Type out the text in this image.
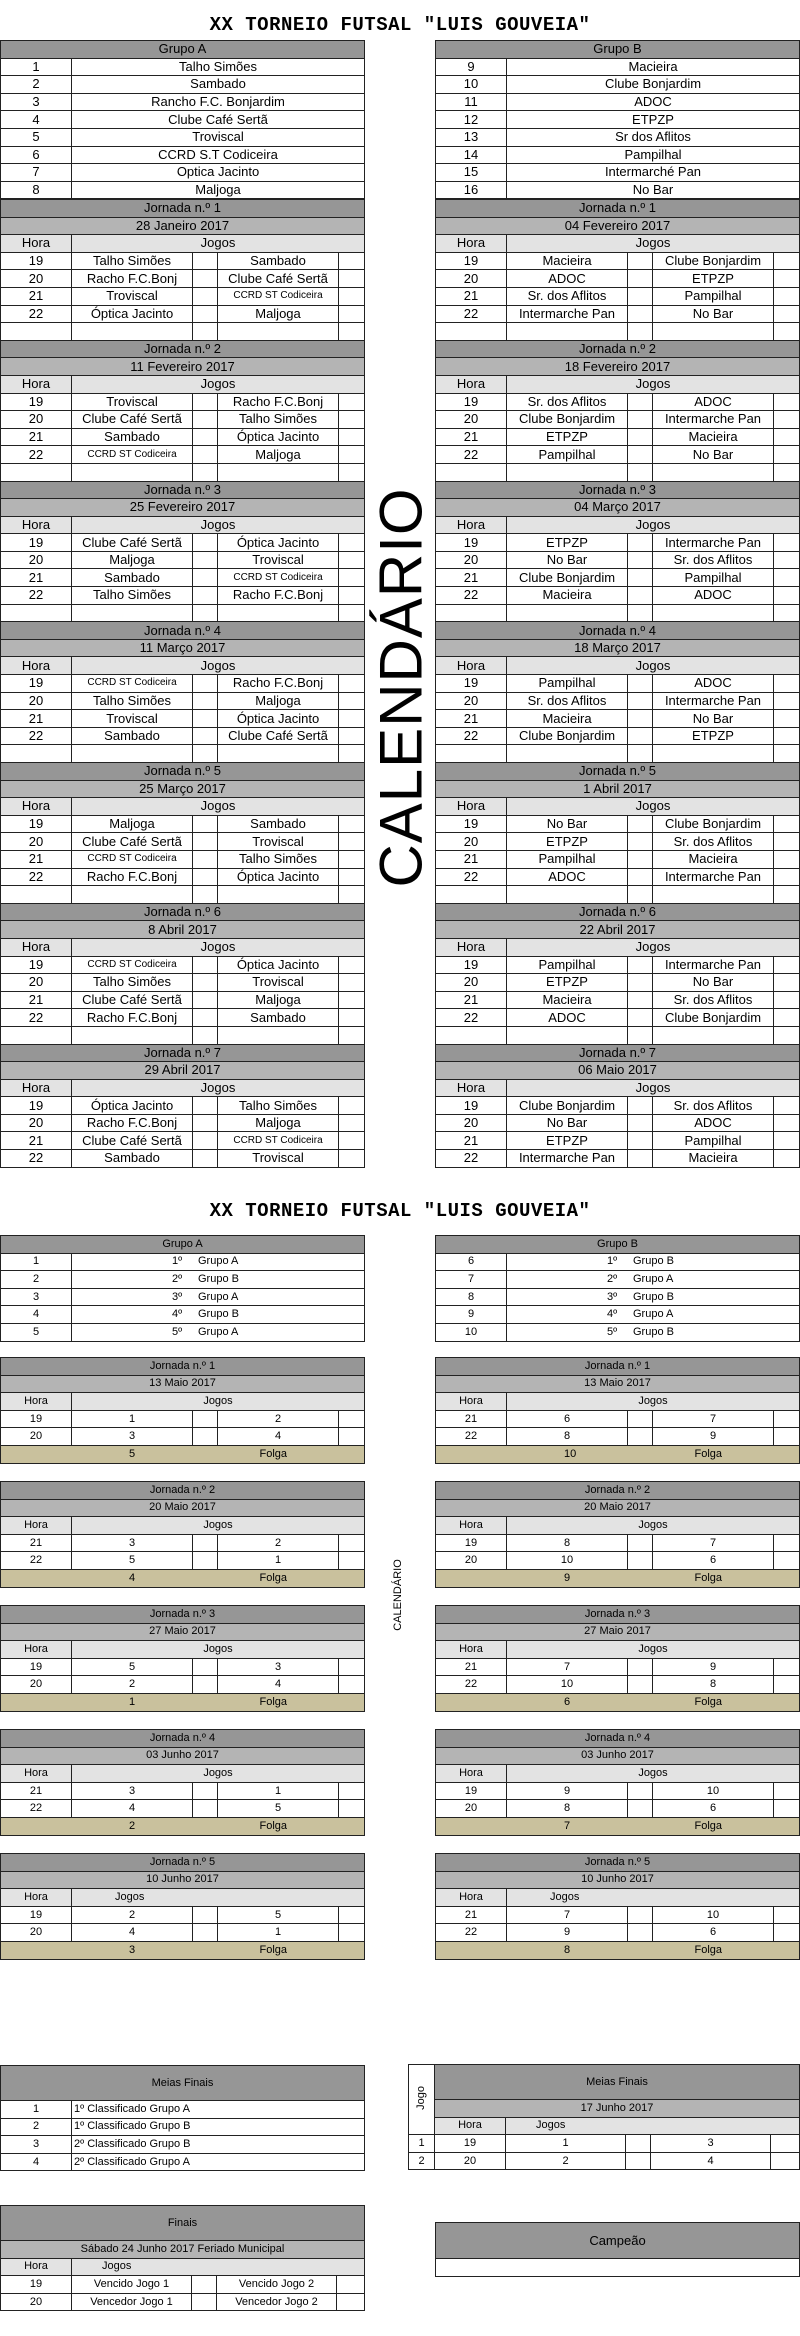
XX TORNEIO FUTSAL "LUIS GOUVEIA"
Grupo A	
1	Talho Simões
2	Sambado
3	Rancho F.C. Bonjardim
4	Clube Café Sertã
5	Troviscal
6	CCRD S.T Codiceira
7	Optica Jacinto
8	Maljoga
Grupo B	
9	Macieira
10	Clube Bonjardim
11	ADOC
12	ETPZP
13	Sr dos Aflitos
14	Pampilhal
15	Intermarché Pan
16	No Bar
Jornada n.º 1				
28 Janeiro 2017				
Hora	Jogos			
19	Talho Simões		Sambado	
20	Racho F.C.Bonj		Clube Café Sertã	
21	Troviscal		CCRD ST Codiceira	
22	Óptica Jacinto		Maljoga	

Jornada n.º 2				
11 Fevereiro 2017				
Hora	Jogos			
19	Troviscal		Racho F.C.Bonj	
20	Clube Café Sertã		Talho Simões	
21	Sambado		Óptica Jacinto	
22	CCRD ST Codiceira		Maljoga	

Jornada n.º 3				
25 Fevereiro 2017				
Hora	Jogos			
19	Clube Café Sertã		Óptica Jacinto	
20	Maljoga		Troviscal	
21	Sambado		CCRD ST Codiceira	
22	Talho Simões		Racho F.C.Bonj	

Jornada n.º 4				
11 Março 2017				
Hora	Jogos			
19	CCRD ST Codiceira		Racho F.C.Bonj	
20	Talho Simões		Maljoga	
21	Troviscal		Óptica Jacinto	
22	Sambado		Clube Café Sertã	

Jornada n.º 5				
25 Março 2017				
Hora	Jogos			
19	Maljoga		Sambado	
20	Clube Café Sertã		Troviscal	
21	CCRD ST Codiceira		Talho Simões	
22	Racho F.C.Bonj		Óptica Jacinto	

Jornada n.º 6				
8 Abril 2017				
Hora	Jogos			
19	CCRD ST Codiceira		Óptica Jacinto	
20	Talho Simões		Troviscal	
21	Clube Café Sertã		Maljoga	
22	Racho F.C.Bonj		Sambado	

Jornada n.º 7				
29 Abril 2017				
Hora	Jogos			
19	Óptica Jacinto		Talho Simões	
20	Racho F.C.Bonj		Maljoga	
21	Clube Café Sertã		CCRD ST Codiceira	
22	Sambado		Troviscal	
Jornada n.º 1				
04 Fevereiro 2017				
Hora	Jogos			
19	Macieira		Clube Bonjardim	
20	ADOC		ETPZP	
21	Sr. dos Aflitos		Pampilhal	
22	Intermarche Pan		No Bar	

Jornada n.º 2				
18 Fevereiro 2017				
Hora	Jogos			
19	Sr. dos Aflitos		ADOC	
20	Clube Bonjardim		Intermarche Pan	
21	ETPZP		Macieira	
22	Pampilhal		No Bar	

Jornada n.º 3				
04 Março 2017				
Hora	Jogos			
19	ETPZP		Intermarche Pan	
20	No Bar		Sr. dos Aflitos	
21	Clube Bonjardim		Pampilhal	
22	Macieira		ADOC	

Jornada n.º 4				
18 Março 2017				
Hora	Jogos			
19	Pampilhal		ADOC	
20	Sr. dos Aflitos		Intermarche Pan	
21	Macieira		No Bar	
22	Clube Bonjardim		ETPZP	

Jornada n.º 5				
1 Abril 2017				
Hora	Jogos			
19	No Bar		Clube Bonjardim	
20	ETPZP		Sr. dos Aflitos	
21	Pampilhal		Macieira	
22	ADOC		Intermarche Pan	

Jornada n.º 6				
22 Abril 2017				
Hora	Jogos			
19	Pampilhal		Intermarche Pan	
20	ETPZP		No Bar	
21	Macieira		Sr. dos Aflitos	
22	ADOC		Clube Bonjardim	

Jornada n.º 7				
06 Maio 2017				
Hora	Jogos			
19	Clube Bonjardim		Sr. dos Aflitos	
20	No Bar		ADOC	
21	ETPZP		Pampilhal	
22	Intermarche Pan		Macieira	
CALENDÁRIO
XX TORNEIO FUTSAL "LUIS GOUVEIA"
Grupo A	
1	1º Grupo A
2	2º Grupo B
3	3º Grupo A
4	4º Grupo B
5	5º Grupo A
Grupo B	
6	1º Grupo B
7	2º Grupo A
8	3º Grupo B
9	4º Grupo A
10	5º Grupo B
Jornada n.º 1				
13 Maio 2017				
Hora	Jogos			
19	1		2	
20	3		4	
5			Folga	
Jornada n.º 2				
20 Maio 2017				
Hora	Jogos			
21	3		2	
22	5		1	
4			Folga	
Jornada n.º 3				
27 Maio 2017				
Hora	Jogos			
19	5		3	
20	2		4	
1			Folga	
Jornada n.º 4				
03 Junho 2017				
Hora	Jogos			
21	3		1	
22	4		5	
2			Folga	
Jornada n.º 5				
10 Junho 2017				
Hora	Jogos			
19	2		5	
20	4		1	
3			Folga	
Jornada n.º 1				
13 Maio 2017				
Hora	Jogos			
21	6		7	
22	8		9	
10			Folga	
Jornada n.º 2				
20 Maio 2017				
Hora	Jogos			
19	8		7	
20	10		6	
9			Folga	
Jornada n.º 3				
27 Maio 2017				
Hora	Jogos			
21	7		9	
22	10		8	
6			Folga	
Jornada n.º 4				
03 Junho 2017				
Hora	Jogos			
19	9		10	
20	8		6	
7			Folga	
Jornada n.º 5				
10 Junho 2017				
Hora	Jogos			
21	7		10	
22	9		6	
8			Folga	
CALENDÁRIO
Meias Finais	
1	1º Classificado Grupo A
2	1º Classificado Grupo B
3	2º Classificado Grupo B
4	2º Classificado Grupo A
Jogo	Meias Finais				
	17 Junho 2017				
	Hora	Jogos			
1	19	1		3	
2	20	2		4	
Finais				
Sábado 24 Junho 2017 Feriado Municipal				
Hora	Jogos			
19	Vencido Jogo 1		Vencido Jogo 2	
20	Vencedor Jogo 1		Vencedor Jogo 2	
Campeão
